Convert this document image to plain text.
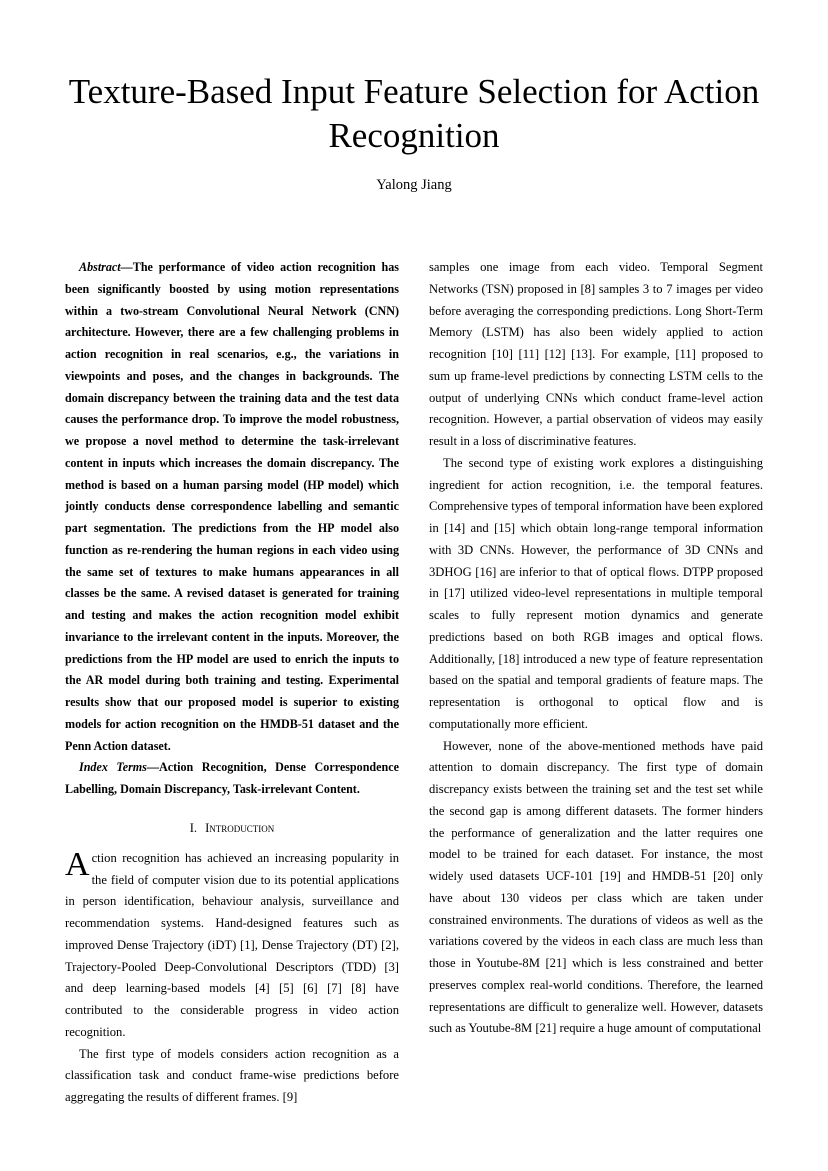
Texture-Based Input Feature Selection for Action Recognition
Yalong Jiang

Abstract—The performance of video action recognition has been significantly boosted by using motion representations within a two-stream Convolutional Neural Network (CNN) architecture. However, there are a few challenging problems in action recognition in real scenarios, e.g., the variations in viewpoints and poses, and the changes in backgrounds. The domain discrepancy between the training data and the test data causes the performance drop. To improve the model robustness, we propose a novel method to determine the task-irrelevant content in inputs which increases the domain discrepancy. The method is based on a human parsing model (HP model) which jointly conducts dense correspondence labelling and semantic part segmentation. The predictions from the HP model also function as re-rendering the human regions in each video using the same set of textures to make humans appearances in all classes be the same. A revised dataset is generated for training and testing and makes the action recognition model exhibit invariance to the irrelevant content in the inputs. Moreover, the predictions from the HP model are used to enrich the inputs to the AR model during both training and testing. Experimental results show that our proposed model is superior to existing models for action recognition on the HMDB-51 dataset and the Penn Action dataset.

Index Terms—Action Recognition, Dense Correspondence Labelling, Domain Discrepancy, Task-irrelevant Content.

I. Introduction

Action recognition has achieved an increasing popularity in the field of computer vision due to its potential applications in person identification, behaviour analysis, surveillance and recommendation systems. Hand-designed features such as improved Dense Trajectory (iDT) [1], Dense Trajectory (DT) [2], Trajectory-Pooled Deep-Convolutional Descriptors (TDD) [3] and deep learning-based models [4] [5] [6] [7] [8] have contributed to the considerable progress in video action recognition.

The first type of models considers action recognition as a classification task and conduct frame-wise predictions before aggregating the results of different frames. [9]

samples one image from each video. Temporal Segment Networks (TSN) proposed in [8] samples 3 to 7 images per video before averaging the corresponding predictions. Long Short-Term Memory (LSTM) has also been widely applied to action recognition [10] [11] [12] [13]. For example, [11] proposed to sum up frame-level predictions by connecting LSTM cells to the output of underlying CNNs which conduct frame-level action recognition. However, a partial observation of videos may easily result in a loss of discriminative features.

The second type of existing work explores a distinguishing ingredient for action recognition, i.e. the temporal features. Comprehensive types of temporal information have been explored in [14] and [15] which obtain long-range temporal information with 3D CNNs. However, the performance of 3D CNNs and 3DHOG [16] are inferior to that of optical flows. DTPP proposed in [17] utilized video-level representations in multiple temporal scales to fully represent motion dynamics and generate predictions based on both RGB images and optical flows. Additionally, [18] introduced a new type of feature representation based on the spatial and temporal gradients of feature maps. The representation is orthogonal to optical flow and is computationally more efficient.

However, none of the above-mentioned methods have paid attention to domain discrepancy. The first type of domain discrepancy exists between the training set and the test set while the second gap is among different datasets. The former hinders the performance of generalization and the latter requires one model to be trained for each dataset. For instance, the most widely used datasets UCF-101 [19] and HMDB-51 [20] only have about 130 videos per class which are taken under constrained environments. The durations of videos as well as the variations covered by the videos in each class are much less than those in Youtube-8M [21] which is less constrained and better preserves complex real-world conditions. Therefore, the learned representations are difficult to generalize well. However, datasets such as Youtube-8M [21] require a huge amount of computational
